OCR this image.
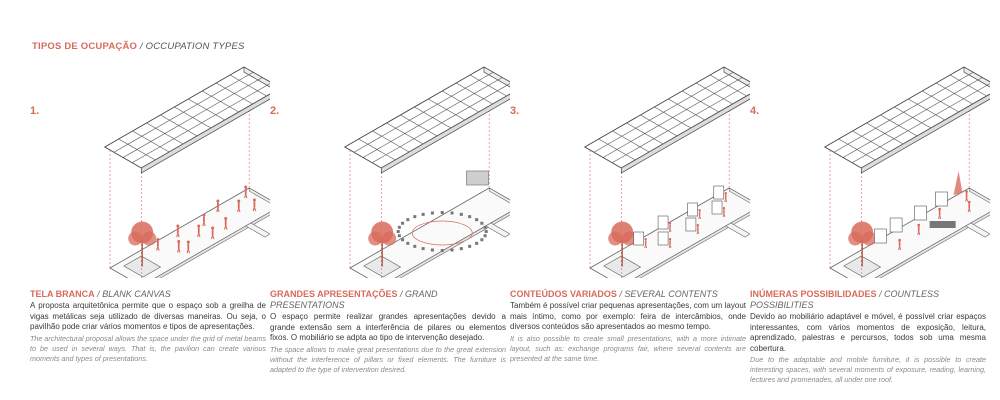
TIPOS DE OCUPAÇÃO / OCCUPATION TYPES
1.
TELA BRANCA / BLANK CANVAS
A proposta arquitetônica permite que o espaço sob a greilha de vigas metálicas seja utilizado de diversas maneiras. Ou seja, o pavilhão pode criar vários momentos e tipos de apresentações.
The architectural proposal allows the space under the grid of metal beams to be used in several ways. That is, the pavilion can create various moments and types of presentations.
2.
GRANDES APRESENTAÇÕES / GRAND PRESENTATIONS
O espaço permite realizar grandes apresentações devido a grande extensão sem a interferência de pilares ou elementos fixos. O mobiliário se adpta ao tipo de intervenção desejado.
The space allows to make great presentations due to the great extension without the interference of pillars or fixed elements. The furniture is adapted to the type of intervention desired.
3.
CONTEÚDOS VARIADOS / SEVERAL CONTENTS
Também é possível criar pequenas apresentações, com um layout mais íntimo, como por exemplo: feira de intercâmbios, onde diversos conteúdos são apresentados ao mesmo tempo.
It is also possible to create small presentations, with a more intimate layout, such as: exchange programs fair, where several contents are presented at the same time.
4.
INÚMERAS POSSIBILIDADES / COUNTLESS POSSIBILITIES
Devido ao mobiliário adaptável e móvel, é possível criar espaços interessantes, com vários momentos de exposição, leitura, aprendizado, palestras e percursos, todos sob uma mesma cobertura.
Due to the adaptable and mobile furniture, it is possible to create interesting spaces, with several moments of exposure, reading, learning, lectures and promenades, all under one roof.
